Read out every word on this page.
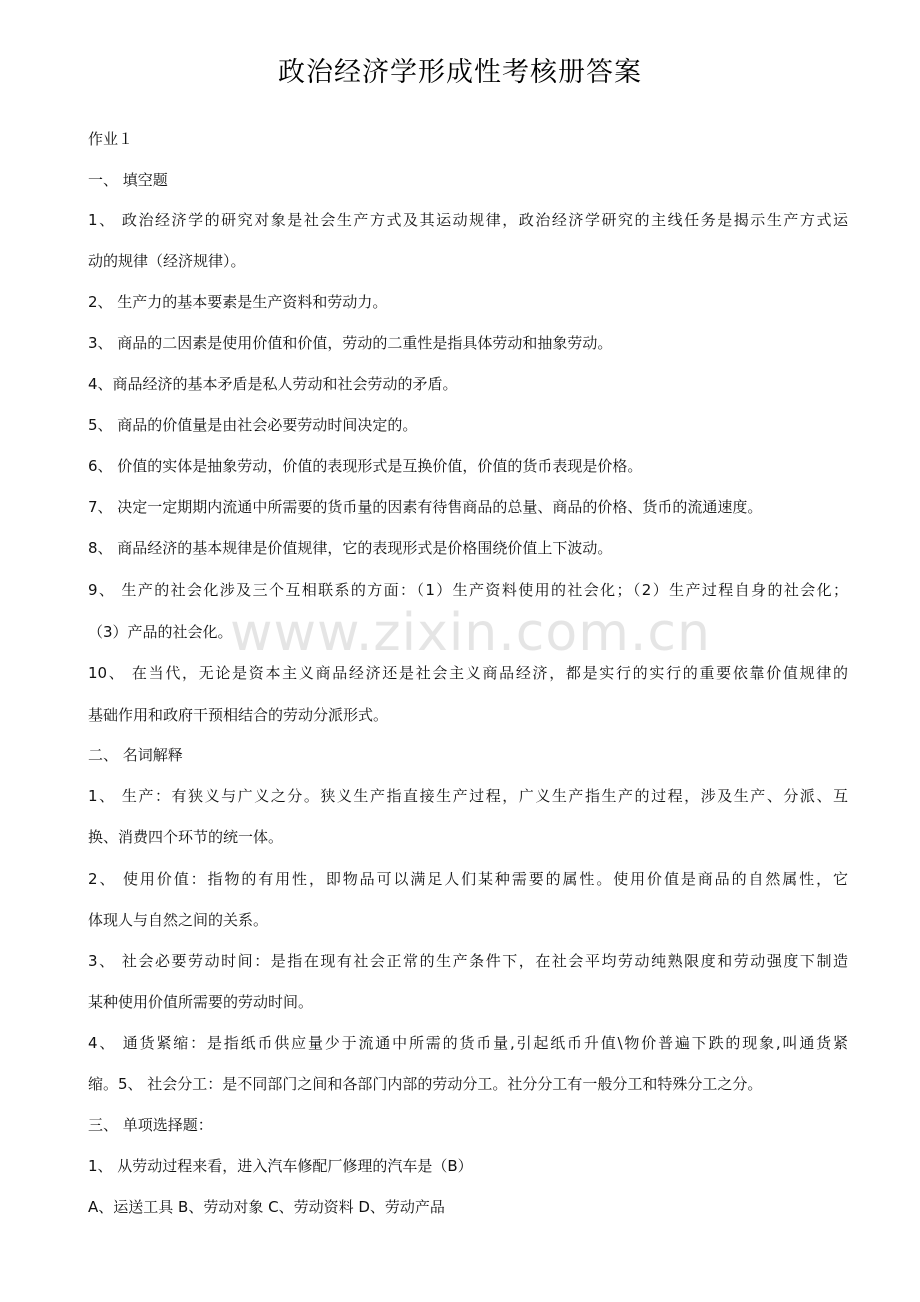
政治经济学形成性考核册答案
www.zixin.com.cn
作业１
一、 填空题
1、 政治经济学的研究对象是社会生产方式及其运动规律，政治经济学研究的主线任务是揭示生产方式运
动的规律（经济规律）。
2、 生产力的基本要素是生产资料和劳动力。
3、 商品的二因素是使用价值和价值，劳动的二重性是指具体劳动和抽象劳动。
4、商品经济的基本矛盾是私人劳动和社会劳动的矛盾。
5、 商品的价值量是由社会必要劳动时间决定的。
6、 价值的实体是抽象劳动，价值的表现形式是互换价值，价值的货币表现是价格。
7、 决定一定期期内流通中所需要的货币量的因素有待售商品的总量、商品的价格、货币的流通速度。
8、 商品经济的基本规律是价值规律，它的表现形式是价格围绕价值上下波动。
9、 生产的社会化涉及三个互相联系的方面：（1）生产资料使用的社会化；（2）生产过程自身的社会化；
（3）产品的社会化。
10、 在当代，无论是资本主义商品经济还是社会主义商品经济，都是实行的实行的重要依靠价值规律的
基础作用和政府干预相结合的劳动分派形式。
二、 名词解释
1、 生产：有狭义与广义之分。狭义生产指直接生产过程，广义生产指生产的过程，涉及生产、分派、互
换、消费四个环节的统一体。
2、 使用价值：指物的有用性，即物品可以满足人们某种需要的属性。使用价值是商品的自然属性，它
体现人与自然之间的关系。
3、 社会必要劳动时间：是指在现有社会正常的生产条件下，在社会平均劳动纯熟限度和劳动强度下制造
某种使用价值所需要的劳动时间。
4、 通货紧缩：是指纸币供应量少于流通中所需的货币量,引起纸币升值\物价普遍下跌的现象,叫通货紧
缩。5、 社会分工：是不同部门之间和各部门内部的劳动分工。社分分工有一般分工和特殊分工之分。
三、 单项选择题：
1、 从劳动过程来看，进入汽车修配厂修理的汽车是（B）
A、运送工具 B、劳动对象 C、劳动资料 D、劳动产品
